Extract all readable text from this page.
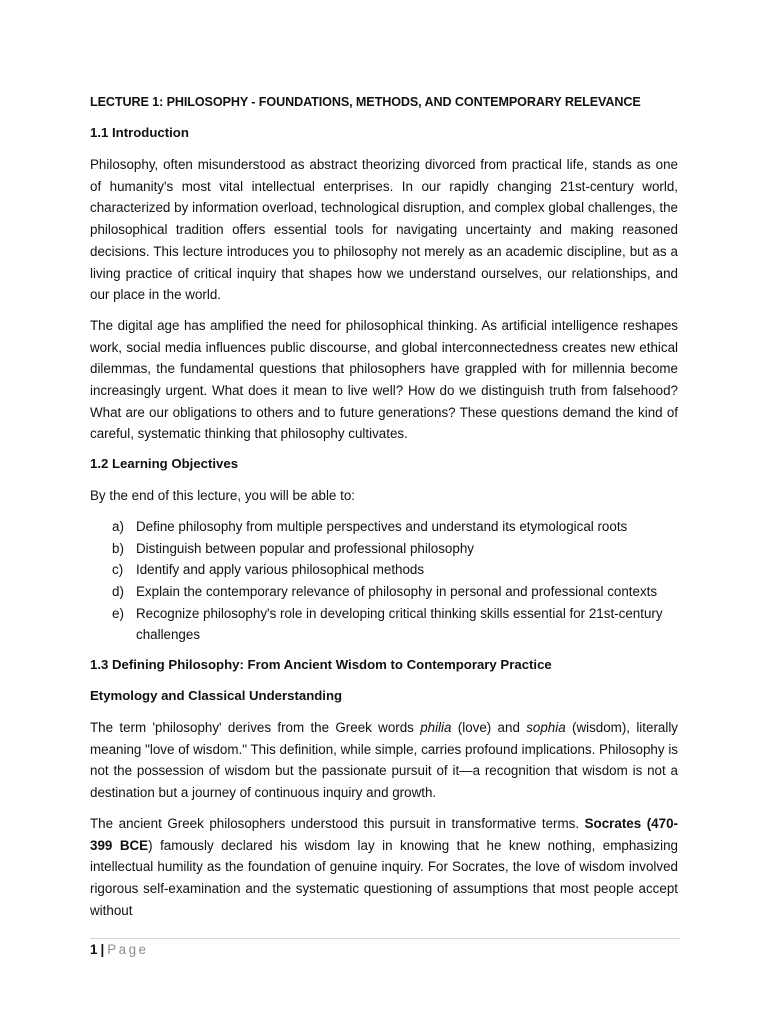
LECTURE 1: PHILOSOPHY - FOUNDATIONS, METHODS, AND CONTEMPORARY RELEVANCE
1.1 Introduction

Philosophy, often misunderstood as abstract theorizing divorced from practical life, stands as one of humanity's most vital intellectual enterprises. In our rapidly changing 21st-century world, characterized by information overload, technological disruption, and complex global challenges, the philosophical tradition offers essential tools for navigating uncertainty and making reasoned decisions. This lecture introduces you to philosophy not merely as an academic discipline, but as a living practice of critical inquiry that shapes how we understand ourselves, our relationships, and our place in the world.

The digital age has amplified the need for philosophical thinking. As artificial intelligence reshapes work, social media influences public discourse, and global interconnectedness creates new ethical dilemmas, the fundamental questions that philosophers have grappled with for millennia become increasingly urgent. What does it mean to live well? How do we distinguish truth from falsehood? What are our obligations to others and to future generations? These questions demand the kind of careful, systematic thinking that philosophy cultivates.

1.2 Learning Objectives

By the end of this lecture, you will be able to:

a) Define philosophy from multiple perspectives and understand its etymological roots
b) Distinguish between popular and professional philosophy
c) Identify and apply various philosophical methods
d) Explain the contemporary relevance of philosophy in personal and professional contexts
e) Recognize philosophy's role in developing critical thinking skills essential for 21st-century challenges
1.3 Defining Philosophy: From Ancient Wisdom to Contemporary Practice
Etymology and Classical Understanding

The term 'philosophy' derives from the Greek words philia (love) and sophia (wisdom), literally meaning "love of wisdom." This definition, while simple, carries profound implications. Philosophy is not the possession of wisdom but the passionate pursuit of it—a recognition that wisdom is not a destination but a journey of continuous inquiry and growth.

The ancient Greek philosophers understood this pursuit in transformative terms. Socrates (470-399 BCE) famously declared his wisdom lay in knowing that he knew nothing, emphasizing intellectual humility as the foundation of genuine inquiry. For Socrates, the love of wisdom involved rigorous self-examination and the systematic questioning of assumptions that most people accept without

1 | Page
